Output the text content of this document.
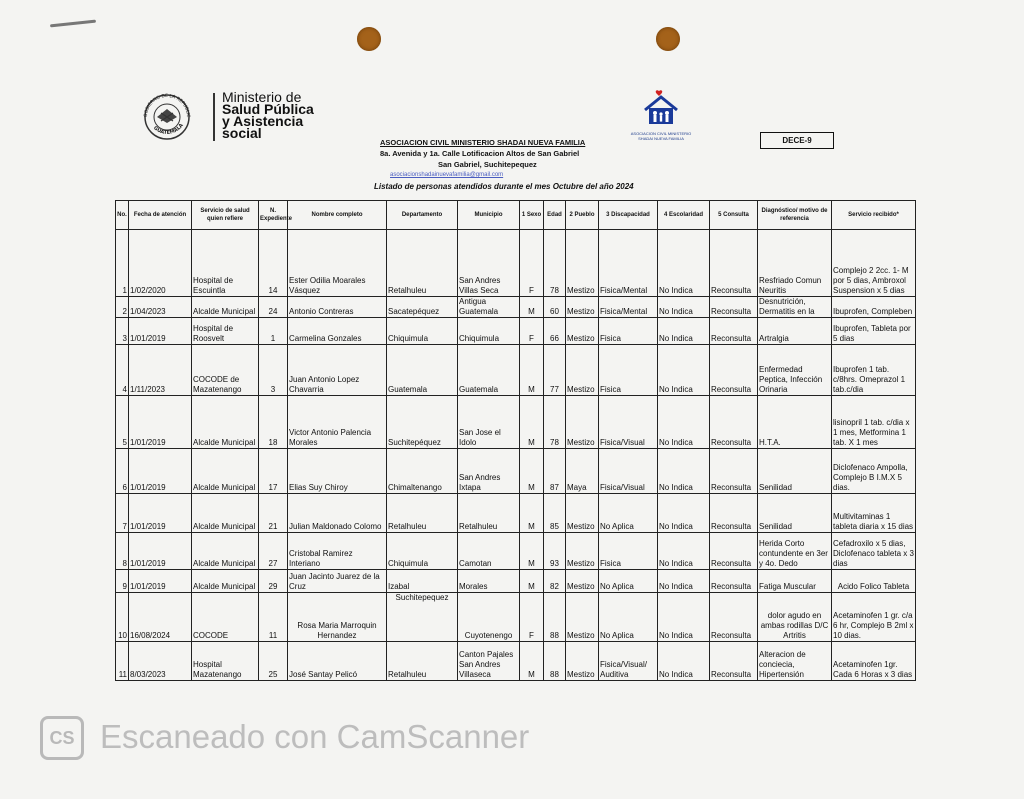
GOBIERNO DE LA REPUBLIC
GUATEMALA
Ministerio de
Salud Pública
y Asistencia
social	ASOCIACION CIVIL MINISTERIO SHADAI NUEVA FAMILIA	DECE-9
ASOCIACION CIVIL MINISTERIO SHADAI NUEVA FAMILIA
8a. Avenida y 1a. Calle Lotificacion Altos de San Gabriel
San Gabriel, Suchitepequez
asociacionshadainuevafamilia@gmail.com
Listado de personas atendidos durante el mes Octubre del año 2024
No.	Fecha de atención	Servicio de salud quien refiere	N. Expediente	Nombre completo	Departamento	Municipio	1 Sexo	Edad	2 Pueblo	3 Discapacidad	4 Escolaridad	5 Consulta	Diagnóstico/ motivo de referencia	Servicio recibido*
1	1/02/2020	Hospital de Escuintla	14	Ester Odilia Moarales Vásquez	Retalhuleu	San Andres Villas Seca	F	78	Mestizo	Fisica/Mental	No Indica	Reconsulta	Resfriado Comun Neuritis	Complejo 2 2cc. 1- M por 5 dias, Ambroxol Suspension x 5 dias
2	1/04/2023	Alcalde Municipal	24	Antonio Contreras	Sacatepéquez	Antigua Guatemala	M	60	Mestizo	Fisica/Mental	No Indica	Reconsulta	Desnutrición, Dermatitis en la	Ibuprofen, Compleben
3	1/01/2019	Hospital de Roosvelt	1	Carmelina Gonzales	Chiquimula	Chiquimula	F	66	Mestizo	Fisica	No Indica	Reconsulta	Artralgia	Ibuprofen, Tableta por 5 dias
4	1/11/2023	COCODE de Mazatenango	3	Juan Antonio Lopez Chavarria	Guatemala	Guatemala	M	77	Mestizo	Fisica	No Indica	Reconsulta	Enfermedad Peptica, Infección Orinaria	Ibuprofen 1 tab. c/8hrs. Omeprazol 1 tab.c/dia
5	1/01/2019	Alcalde Municipal	18	Victor Antonio Palencia Morales	Suchitepéquez	San Jose el Idolo	M	78	Mestizo	Fisica/Visual	No Indica	Reconsulta	H.T.A.	lisinopril 1 tab. c/dia x 1 mes, Metformina 1 tab. X 1 mes
6	1/01/2019	Alcalde Municipal	17	Elias Suy Chiroy	Chimaltenango	San Andres Ixtapa	M	87	Maya	Fisica/Visual	No Indica	Reconsulta	Senilidad	Diclofenaco Ampolla, Complejo B I.M.X 5 dias.
7	1/01/2019	Alcalde Municipal	21	Julian Maldonado Colomo	Retalhuleu	Retalhuleu	M	85	Mestizo	No Aplica	No Indica	Reconsulta	Senilidad	Multivitaminas 1 tableta diaria x 15 dias
8	1/01/2019	Alcalde Municipal	27	Cristobal Ramirez Interiano	Chiquimula	Camotan	M	93	Mestizo	Fisica	No Indica	Reconsulta	Herida Corto contundente en 3er y 4o. Dedo	Cefadroxilo x 5 dias, Diclofenaco tableta x 3 dias
9	1/01/2019	Alcalde Municipal	29	Juan Jacinto Juarez de la Cruz	Izabal	Morales	M	82	Mestizo	No Aplica	No Indica	Reconsulta	Fatiga Muscular	Acido Folico Tableta
10	16/08/2024	COCODE	11	Rosa Maria Marroquin Hernandez	Suchitepequez	Cuyotenengo	F	88	Mestizo	No Aplica	No Indica	Reconsulta	dolor agudo en ambas rodillas D/C Artritis	Acetaminofen 1 gr. c/a 6 hr, Complejo B 2ml x 10 dias.
11	8/03/2023	Hospital Mazatenango	25	José Santay Pelicó	Retalhuleu	Canton Pajales San Andres Villaseca	M	88	Mestizo	Fisica/Visual/ Auditiva	No Indica	Reconsulta	Alteracion de conciecia, Hipertensión	Acetaminofen 1gr. Cada 6 Horas x 3 dias
CS Escaneado con CamScanner
